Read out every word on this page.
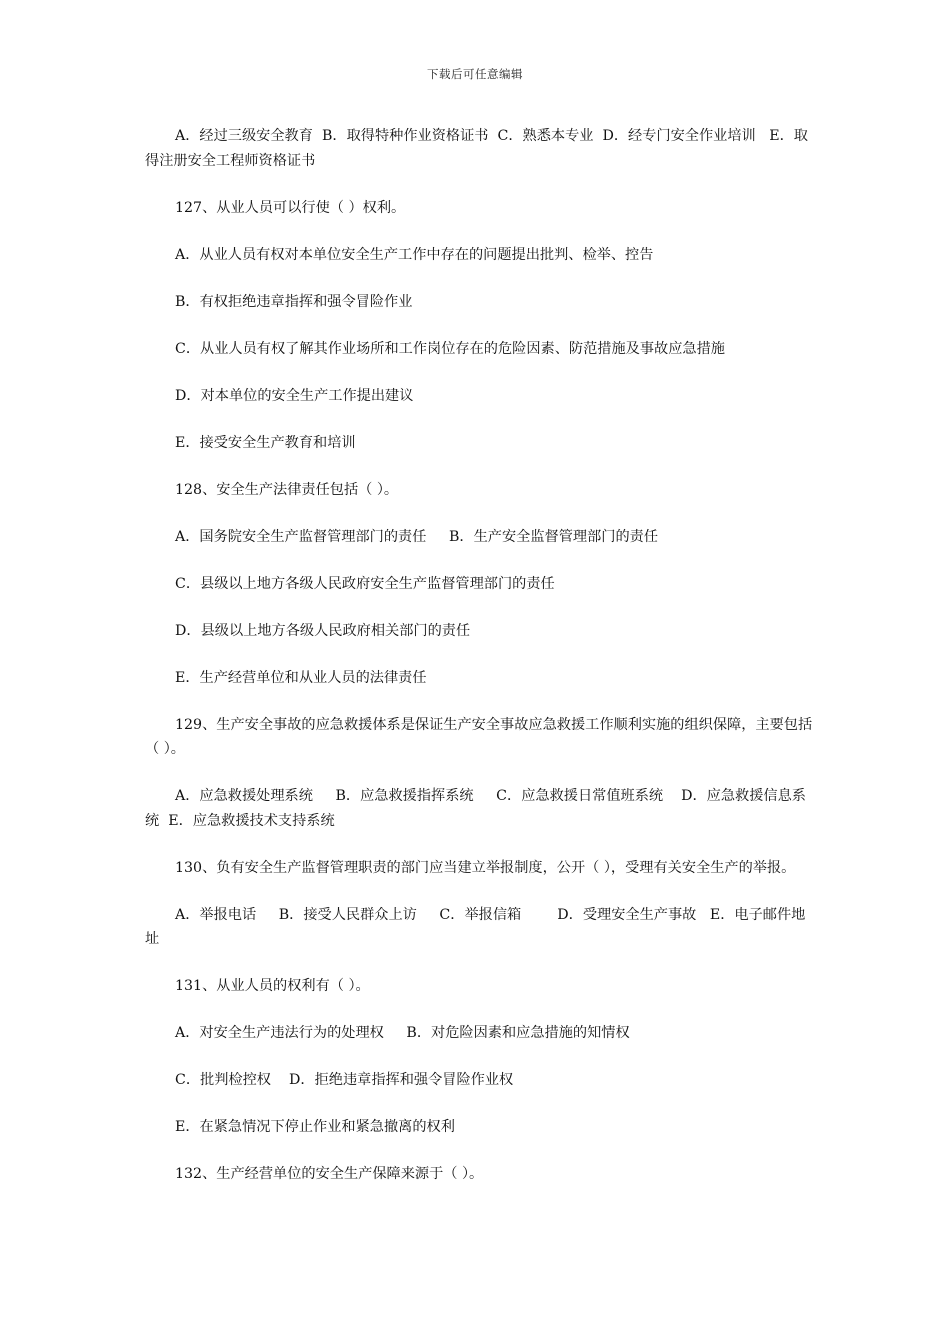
下载后可任意编辑

A．经过三级安全教育  B．取得特种作业资格证书  C．熟悉本专业  D．经专门安全作业培训   E．取得注册安全工程师资格证书

127、从业人员可以行使（ ）权利。

A．从业人员有权对本单位安全生产工作中存在的问题提出批判、检举、控告

B．有权拒绝违章指挥和强令冒险作业

C．从业人员有权了解其作业场所和工作岗位存在的危险因素、防范措施及事故应急措施

D．对本单位的安全生产工作提出建议

E．接受安全生产教育和培训

128、安全生产法律责任包括（ ）。

A．国务院安全生产监督管理部门的责任     B．生产安全监督管理部门的责任

C．县级以上地方各级人民政府安全生产监督管理部门的责任

D．县级以上地方各级人民政府相关部门的责任

E．生产经营单位和从业人员的法律责任

129、生产安全事故的应急救援体系是保证生产安全事故应急救援工作顺利实施的组织保障，主要包括（ ）。

A．应急救援处理系统     B．应急救援指挥系统     C．应急救援日常值班系统    D．应急救援信息系统  E．应急救援技术支持系统

130、负有安全生产监督管理职责的部门应当建立举报制度，公开（ ），受理有关安全生产的举报。

A．举报电话     B．接受人民群众上访     C．举报信箱        D．受理安全生产事故   E．电子邮件地址

131、从业人员的权利有（ ）。

A．对安全生产违法行为的处理权     B．对危险因素和应急措施的知情权

C．批判检控权    D．拒绝违章指挥和强令冒险作业权

E．在紧急情况下停止作业和紧急撤离的权利

132、生产经营单位的安全生产保障来源于（ ）。
